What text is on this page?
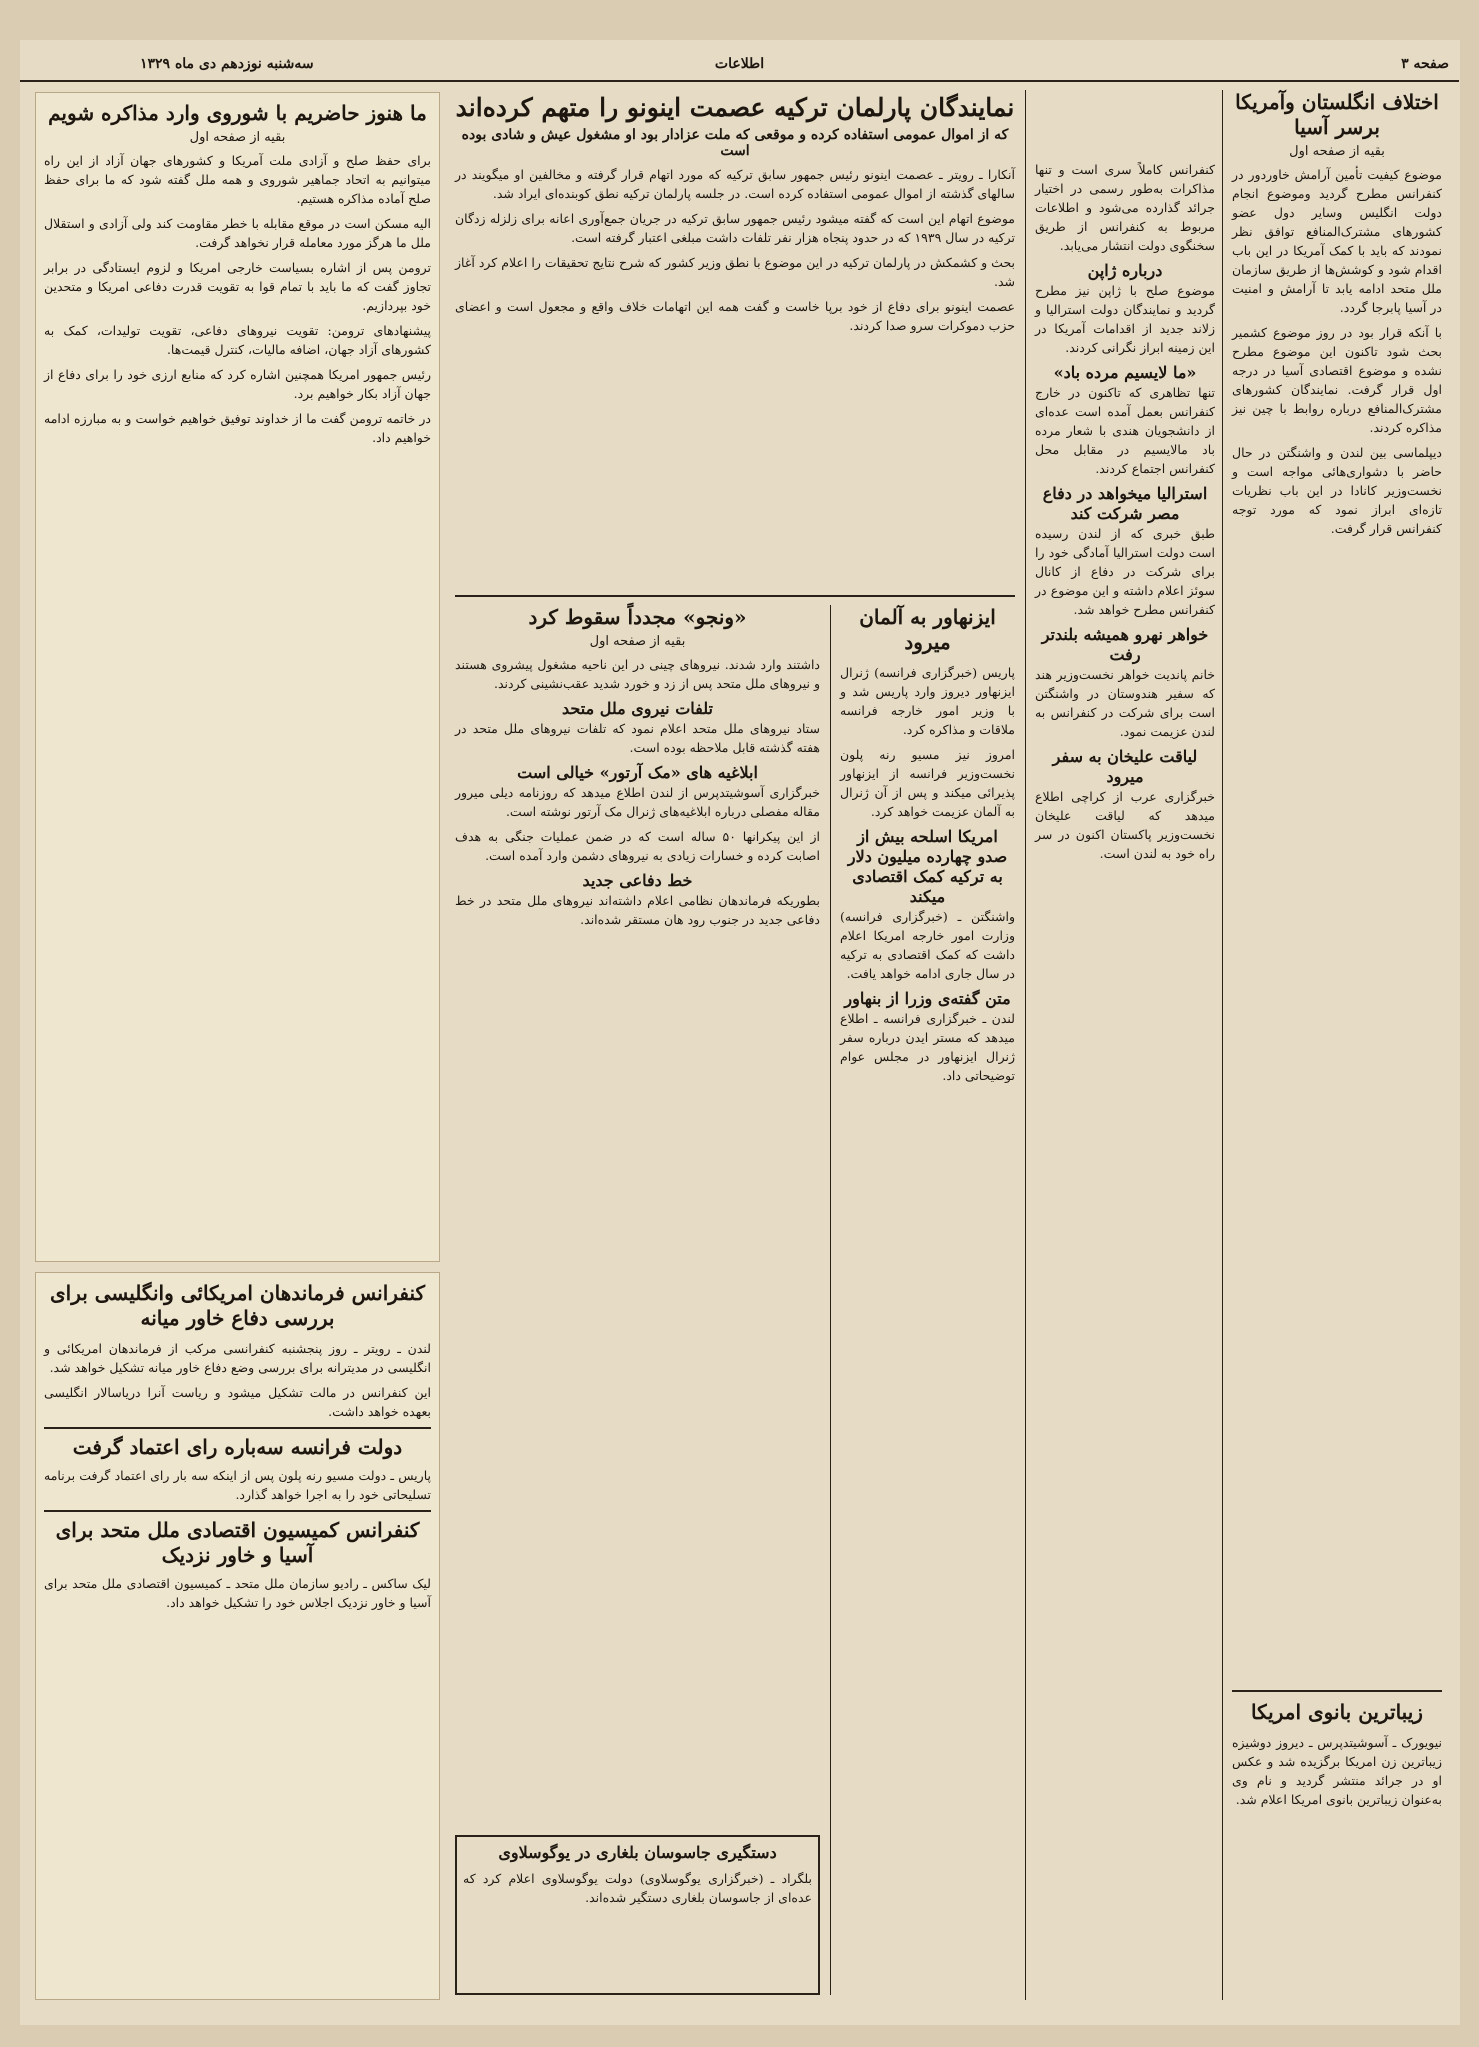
صفحه ۳
اطلاعات
سه‌شنبه نوزدهم دی ماه ۱۳۲۹
اختلاف انگلستان وآمریکا برسر آسیا
بقیه از صفحه اول

موضوع کیفیت تأمین آرامش خاوردور در کنفرانس مطرح گردید وموضوع انجام دولت انگلیس وسایر دول عضو کشورهای مشترک‌المنافع توافق نظر نمودند که باید با کمک آمریکا در این باب اقدام شود و کوشش‌ها از طریق سازمان ملل متحد ادامه یابد تا آرامش و امنیت در آسیا پابرجا گردد.

با آنکه قرار بود در روز موضوع کشمیر بحث شود تاکنون این موضوع مطرح نشده و موضوع اقتصادی آسیا در درجه اول قرار گرفت. نمایندگان کشورهای مشترک‌المنافع درباره روابط با چین نیز مذاکره کردند.

دیپلماسی بین لندن و واشنگتن در حال حاضر با دشواری‌هائی مواجه است و نخست‌وزیر کانادا در این باب نظریات تازه‌ای ابراز نمود که مورد توجه کنفرانس قرار گرفت.

زیباترین بانوی امریکا

نیویورک ـ آسوشیتدپرس ـ دیروز دوشیزه زیباترین زن امریکا برگزیده شد و عکس او در جرائد منتشر گردید و نام وی به‌عنوان زیباترین بانوی امریکا اعلام شد.

کنفرانس کاملاً سری است و تنها مذاکرات به‌طور رسمی در اختیار جرائد گذارده می‌شود و اطلاعات مربوط به کنفرانس از طریق سخنگوی دولت انتشار می‌یابد.

درباره ژاپن

موضوع صلح با ژاپن نیز مطرح گردید و نمایندگان دولت استرالیا و زلاند جدید از اقدامات آمریکا در این زمینه ابراز نگرانی کردند.

«ما لایسیم مرده باد»

تنها تظاهری که تاکنون در خارج کنفرانس بعمل آمده است عده‌ای از دانشجویان هندی با شعار مرده باد مالایسیم در مقابل محل کنفرانس اجتماع کردند.

استرالیا میخواهد در دفاع مصر شرکت کند

طبق خبری که از لندن رسیده است دولت استرالیا آمادگی خود را برای شرکت در دفاع از کانال سوئز اعلام داشته و این موضوع در کنفرانس مطرح خواهد شد.

خواهر نهرو همیشه بلندتر رفت

خانم پاندیت خواهر نخست‌وزیر هند که سفیر هندوستان در واشنگتن است برای شرکت در کنفرانس به لندن عزیمت نمود.

لیاقت علیخان به سفر میرود

خبرگزاری عرب از کراچی اطلاع میدهد که لیاقت علیخان نخست‌وزیر پاکستان اکنون در سر راه خود به لندن است.

نمایندگان پارلمان ترکیه عصمت اینونو را متهم کرده‌اند
که از اموال عمومی استفاده کرده و موقعی که ملت عزادار بود او مشغول عیش و شادی بوده است

آنکارا ـ رویتر ـ عصمت اینونو رئیس جمهور سابق ترکیه که مورد اتهام قرار گرفته و مخالفین او میگویند در سالهای گذشته از اموال عمومی استفاده کرده است. در جلسه پارلمان ترکیه نطق کوبنده‌ای ایراد شد.

موضوع اتهام این است که گفته میشود رئیس جمهور سابق ترکیه در جریان جمع‌آوری اعانه برای زلزله زدگان ترکیه در سال ۱۹۳۹ که در حدود پنجاه هزار نفر تلفات داشت مبلغی اعتبار گرفته است.

بحث و کشمکش در پارلمان ترکیه در این موضوع با نطق وزیر کشور که شرح نتایج تحقیقات را اعلام کرد آغاز شد.

عصمت اینونو برای دفاع از خود برپا خاست و گفت همه این اتهامات خلاف واقع و مجعول است و اعضای حزب دموکرات سرو صدا کردند.

ایزنهاور به آلمان میرود

پاریس (خبرگزاری فرانسه) ژنرال ایزنهاور دیروز وارد پاریس شد و با وزیر امور خارجه فرانسه ملاقات و مذاکره کرد.

امروز نیز مسیو رنه پلون نخست‌وزیر فرانسه از ایزنهاور پذیرائی میکند و پس از آن ژنرال به آلمان عزیمت خواهد کرد.

امریکا اسلحه بیش از صدو چهارده میلیون دلار به ترکیه کمک اقتصادی میکند

واشنگتن ـ (خبرگزاری فرانسه) وزارت امور خارجه امریکا اعلام داشت که کمک اقتصادی به ترکیه در سال جاری ادامه خواهد یافت.

متن گفته‌ی وزرا از بنهاور

لندن ـ خبرگزاری فرانسه ـ اطلاع میدهد که مستر ایدن درباره سفر ژنرال ایزنهاور در مجلس عوام توضیحاتی داد.

«ونجو» مجدداً سقوط کرد
بقیه از صفحه اول

داشتند وارد شدند. نیروهای چینی در این ناحیه مشغول پیشروی هستند و نیروهای ملل متحد پس از زد و خورد شدید عقب‌نشینی کردند.

تلفات نیروی ملل متحد

ستاد نیروهای ملل متحد اعلام نمود که تلفات نیروهای ملل متحد در هفته گذشته قابل ملاحظه بوده است.

ابلاغیه های «مک آرتور» خیالی است

خبرگزاری آسوشیتدپرس از لندن اطلاع میدهد که روزنامه دیلی میرور مقاله مفصلی درباره ابلاغیه‌های ژنرال مک آرتور نوشته است.

از این پیکرانها ۵۰ ساله است که در ضمن عملیات جنگی به هدف اصابت کرده و خسارات زیادی به نیروهای دشمن وارد آمده است.

خط دفاعی جدید

بطوریکه فرماندهان نظامی اعلام داشته‌اند نیروهای ملل متحد در خط دفاعی جدید در جنوب رود هان مستقر شده‌اند.

دستگیری جاسوسان بلغاری در یوگوسلاوی

بلگراد ـ (خبرگزاری یوگوسلاوی) دولت یوگوسلاوی اعلام کرد که عده‌ای از جاسوسان بلغاری دستگیر شده‌اند.

ما هنوز حاضریم با شوروی وارد مذاکره شویم
بقیه از صفحه اول

برای حفظ صلح و آزادی ملت آمریکا و کشورهای جهان آزاد از این راه میتوانیم به اتحاد جماهیر شوروی و همه ملل گفته شود که ما برای حفظ صلح آماده مذاکره هستیم.

الیه مسکن است در موقع مقابله با خطر مقاومت کند ولی آزادی و استقلال ملل ما هرگز مورد معامله قرار نخواهد گرفت.

ترومن پس از اشاره بسیاست خارجی امریکا و لزوم ایستادگی در برابر تجاوز گفت که ما باید با تمام قوا به تقویت قدرت دفاعی امریکا و متحدین خود بپردازیم.

پیشنهادهای ترومن: تقویت نیروهای دفاعی، تقویت تولیدات، کمک به کشورهای آزاد جهان، اضافه مالیات، کنترل قیمت‌ها.

رئیس جمهور امریکا همچنین اشاره کرد که منابع ارزی خود را برای دفاع از جهان آزاد بکار خواهیم برد.

در خاتمه ترومن گفت ما از خداوند توفیق خواهیم خواست و به مبارزه ادامه خواهیم داد.

کنفرانس فرماندهان امریکائی وانگلیسی برای بررسی دفاع خاور میانه

لندن ـ رویتر ـ روز پنجشنبه کنفرانسی مرکب از فرماندهان امریکائی و انگلیسی در مدیترانه برای بررسی وضع دفاع خاور میانه تشکیل خواهد شد.

این کنفرانس در مالت تشکیل میشود و ریاست آنرا دریاسالار انگلیسی بعهده خواهد داشت.

دولت فرانسه سه‌باره رای اعتماد گرفت

پاریس ـ دولت مسیو رنه پلون پس از اینکه سه بار رای اعتماد گرفت برنامه تسلیحاتی خود را به اجرا خواهد گذارد.

کنفرانس کمیسیون اقتصادی ملل متحد برای آسیا و خاور نزدیک

لیک ساکس ـ رادیو سازمان ملل متحد ـ کمیسیون اقتصادی ملل متحد برای آسیا و خاور نزدیک اجلاس خود را تشکیل خواهد داد.
